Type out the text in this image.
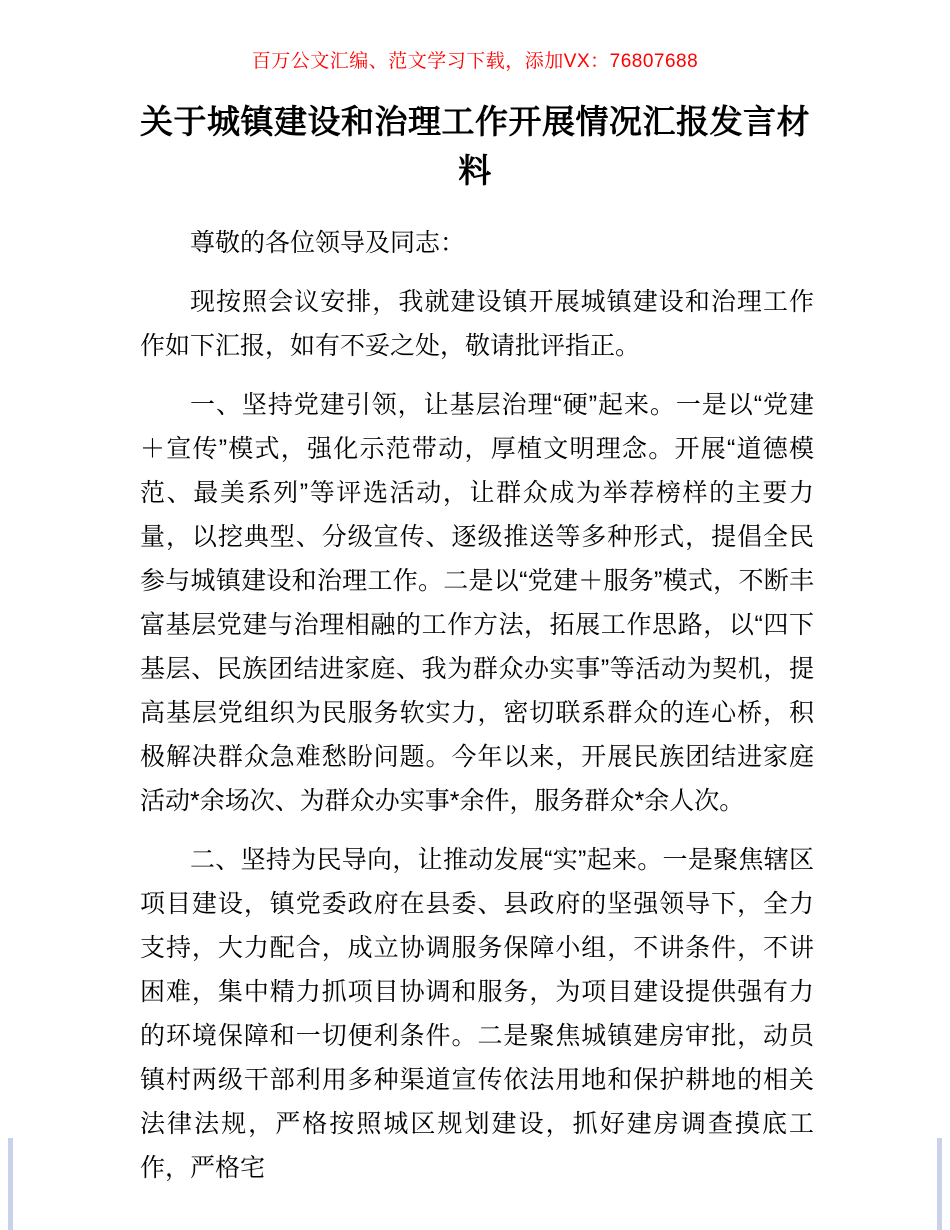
百万公文汇编、范文学习下载，添加VX：76807688
关于城镇建设和治理工作开展情况汇报发言材料

尊敬的各位领导及同志：

现按照会议安排，我就建设镇开展城镇建设和治理工作作如下汇报，如有不妥之处，敬请批评指正。

一、坚持党建引领，让基层治理“硬”起来。一是以“党建＋宣传”模式，强化示范带动，厚植文明理念。开展“道德模范、最美系列”等评选活动，让群众成为举荐榜样的主要力量，以挖典型、分级宣传、逐级推送等多种形式，提倡全民参与城镇建设和治理工作。二是以“党建＋服务”模式，不断丰富基层党建与治理相融的工作方法，拓展工作思路，以“四下基层、民族团结进家庭、我为群众办实事”等活动为契机，提高基层党组织为民服务软实力，密切联系群众的连心桥，积极解决群众急难愁盼问题。今年以来，开展民族团结进家庭活动*余场次、为群众办实事*余件，服务群众*余人次。

二、坚持为民导向，让推动发展“实”起来。一是聚焦辖区项目建设，镇党委政府在县委、县政府的坚强领导下，全力支持，大力配合，成立协调服务保障小组，不讲条件，不讲困难，集中精力抓项目协调和服务，为项目建设提供强有力的环境保障和一切便利条件。二是聚焦城镇建房审批，动员镇村两级干部利用多种渠道宣传依法用地和保护耕地的相关法律法规，严格按照城区规划建设，抓好建房调查摸底工作，严格宅
